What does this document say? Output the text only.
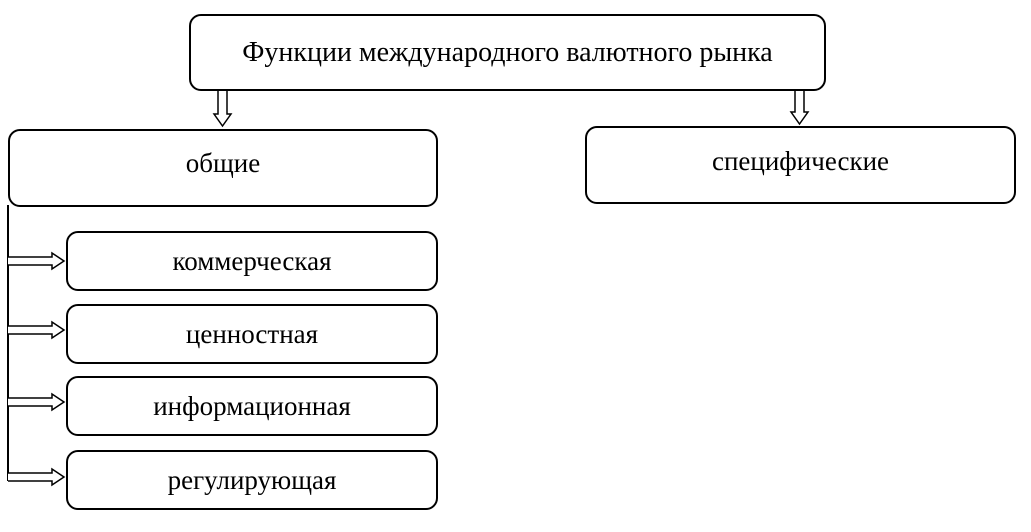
Функции международного валютного рынка
общие	специфические
коммерческая
ценностная
информационная
регулирующая
